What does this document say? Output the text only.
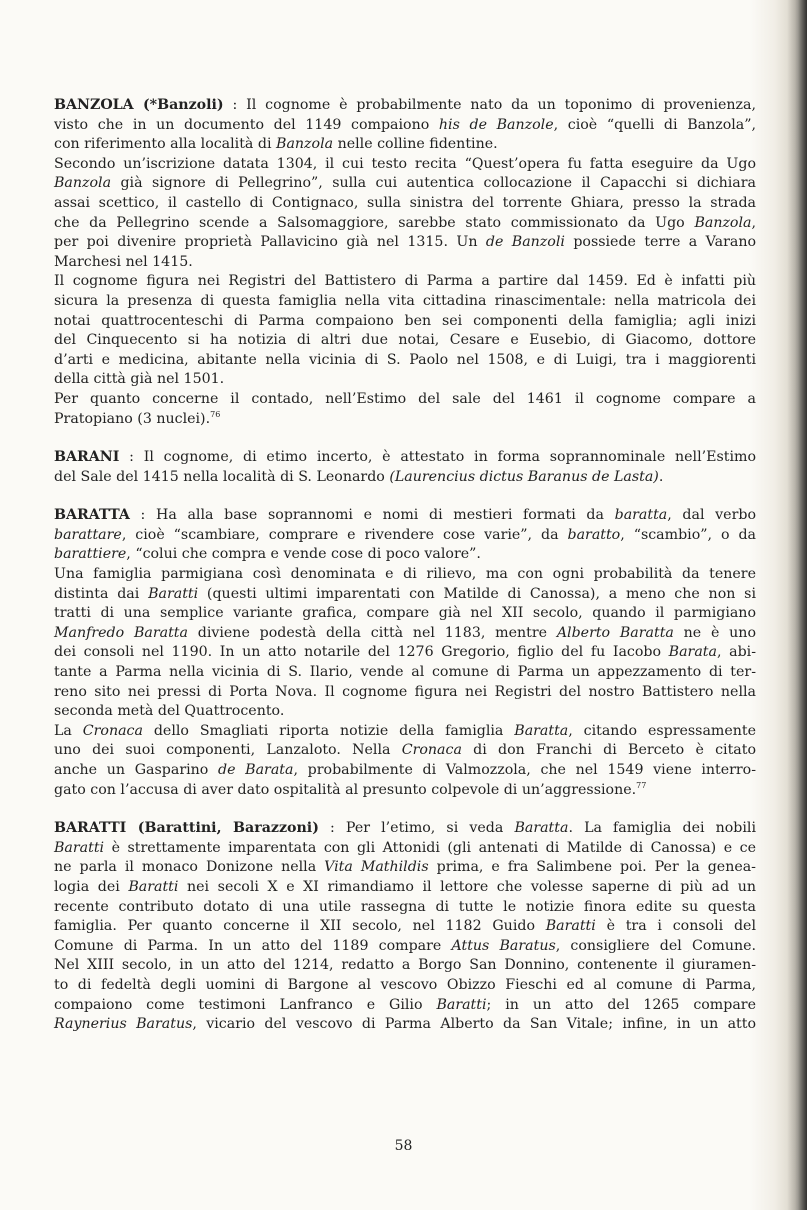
BANZOLA (*Banzoli) : Il cognome è probabilmente nato da un toponimo di provenienza,
visto che in un documento del 1149 compaiono his de Banzole, cioè “quelli di Banzola”,
con riferimento alla località di Banzola nelle colline fidentine.
Secondo un’iscrizione datata 1304, il cui testo recita “Quest’opera fu fatta eseguire da Ugo
Banzola già signore di Pellegrino”, sulla cui autentica collocazione il Capacchi si dichiara
assai scettico, il castello di Contignaco, sulla sinistra del torrente Ghiara, presso la strada
che da Pellegrino scende a Salsomaggiore, sarebbe stato commissionato da Ugo Banzola,
per poi divenire proprietà Pallavicino già nel 1315. Un de Banzoli possiede terre a Varano
Marchesi nel 1415.
Il cognome figura nei Registri del Battistero di Parma a partire dal 1459. Ed è infatti più
sicura la presenza di questa famiglia nella vita cittadina rinascimentale: nella matricola dei
notai quattrocenteschi di Parma compaiono ben sei componenti della famiglia; agli inizi
del Cinquecento si ha notizia di altri due notai, Cesare e Eusebio, di Giacomo, dottore
d’arti e medicina, abitante nella vicinia di S. Paolo nel 1508, e di Luigi, tra i maggiorenti
della città già nel 1501.
Per quanto concerne il contado, nell’Estimo del sale del 1461 il cognome compare a
Pratopiano (3 nuclei).$^{76}$
BARANI : Il cognome, di etimo incerto, è attestato in forma soprannominale nell’Estimo
del Sale del 1415 nella località di S. Leonardo (Laurencius dictus Baranus de Lasta).
BARATTA : Ha alla base soprannomi e nomi di mestieri formati da baratta, dal verbo
barattare, cioè “scambiare, comprare e rivendere cose varie”, da baratto, “scambio”, o da
barattiere, “colui che compra e vende cose di poco valore”.
Una famiglia parmigiana così denominata e di rilievo, ma con ogni probabilità da tenere
distinta dai Baratti (questi ultimi imparentati con Matilde di Canossa), a meno che non si
tratti di una semplice variante grafica, compare già nel XII secolo, quando il parmigiano
Manfredo Baratta diviene podestà della città nel 1183, mentre Alberto Baratta ne è uno
dei consoli nel 1190. In un atto notarile del 1276 Gregorio, figlio del fu Iacobo Barata, abi-
tante a Parma nella vicinia di S. Ilario, vende al comune di Parma un appezzamento di ter-
reno sito nei pressi di Porta Nova. Il cognome figura nei Registri del nostro Battistero nella
seconda metà del Quattrocento.
La Cronaca dello Smagliati riporta notizie della famiglia Baratta, citando espressamente
uno dei suoi componenti, Lanzaloto. Nella Cronaca di don Franchi di Berceto è citato
anche un Gasparino de Barata, probabilmente di Valmozzola, che nel 1549 viene interro-
gato con l’accusa di aver dato ospitalità al presunto colpevole di un’aggressione.$^{77}$
BARATTI (Barattini, Barazzoni) : Per l’etimo, si veda Baratta. La famiglia dei nobili
Baratti è strettamente imparentata con gli Attonidi (gli antenati di Matilde di Canossa) e ce
ne parla il monaco Donizone nella Vita Mathildis prima, e fra Salimbene poi. Per la genea-
logia dei Baratti nei secoli X e XI rimandiamo il lettore che volesse saperne di più ad un
recente contributo dotato di una utile rassegna di tutte le notizie finora edite su questa
famiglia. Per quanto concerne il XII secolo, nel 1182 Guido Baratti è tra i consoli del
Comune di Parma. In un atto del 1189 compare Attus Baratus, consigliere del Comune.
Nel XIII secolo, in un atto del 1214, redatto a Borgo San Donnino, contenente il giuramen-
to di fedeltà degli uomini di Bargone al vescovo Obizzo Fieschi ed al comune di Parma,
compaiono come testimoni Lanfranco e Gilio Baratti; in un atto del 1265 compare
Raynerius Baratus, vicario del vescovo di Parma Alberto da San Vitale; infine, in un atto
58
